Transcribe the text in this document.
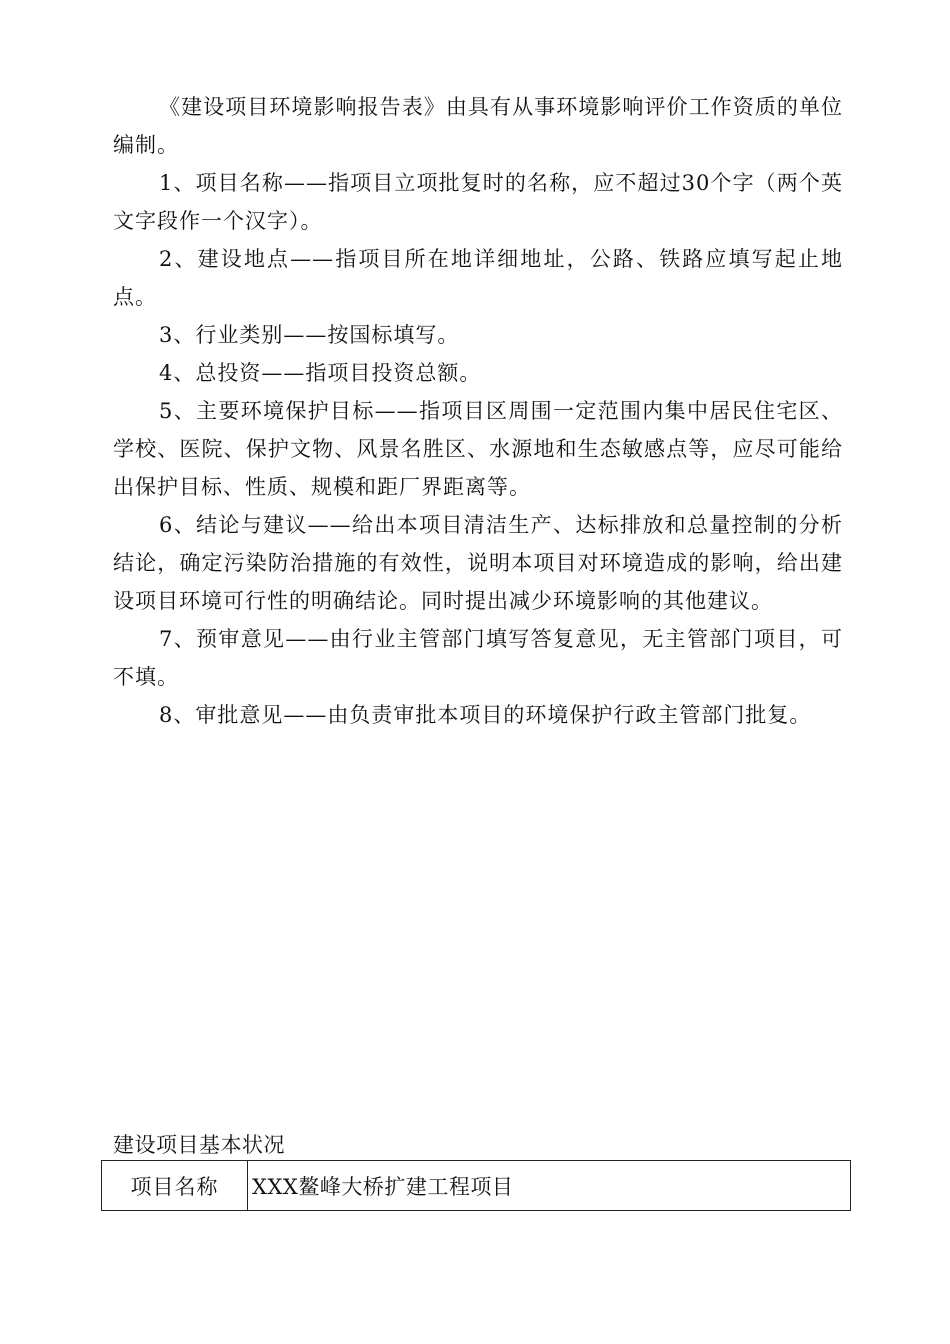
《建设项目环境影响报告表》由具有从事环境影响评价工作资质的单位编制。

1、项目名称——指项目立项批复时的名称，应不超过30个字（两个英文字段作一个汉字）。

2、建设地点——指项目所在地详细地址，公路、铁路应填写起止地点。

3、行业类别——按国标填写。

4、总投资——指项目投资总额。

5、主要环境保护目标——指项目区周围一定范围内集中居民住宅区、学校、医院、保护文物、风景名胜区、水源地和生态敏感点等，应尽可能给出保护目标、性质、规模和距厂界距离等。

6、结论与建议——给出本项目清洁生产、达标排放和总量控制的分析结论，确定污染防治措施的有效性，说明本项目对环境造成的影响，给出建设项目环境可行性的明确结论。同时提出减少环境影响的其他建议。

7、预审意见——由行业主管部门填写答复意见，无主管部门项目，可不填。

8、审批意见——由负责审批本项目的环境保护行政主管部门批复。

建设项目基本状况
项目名称	XXX鳌峰大桥扩建工程项目
